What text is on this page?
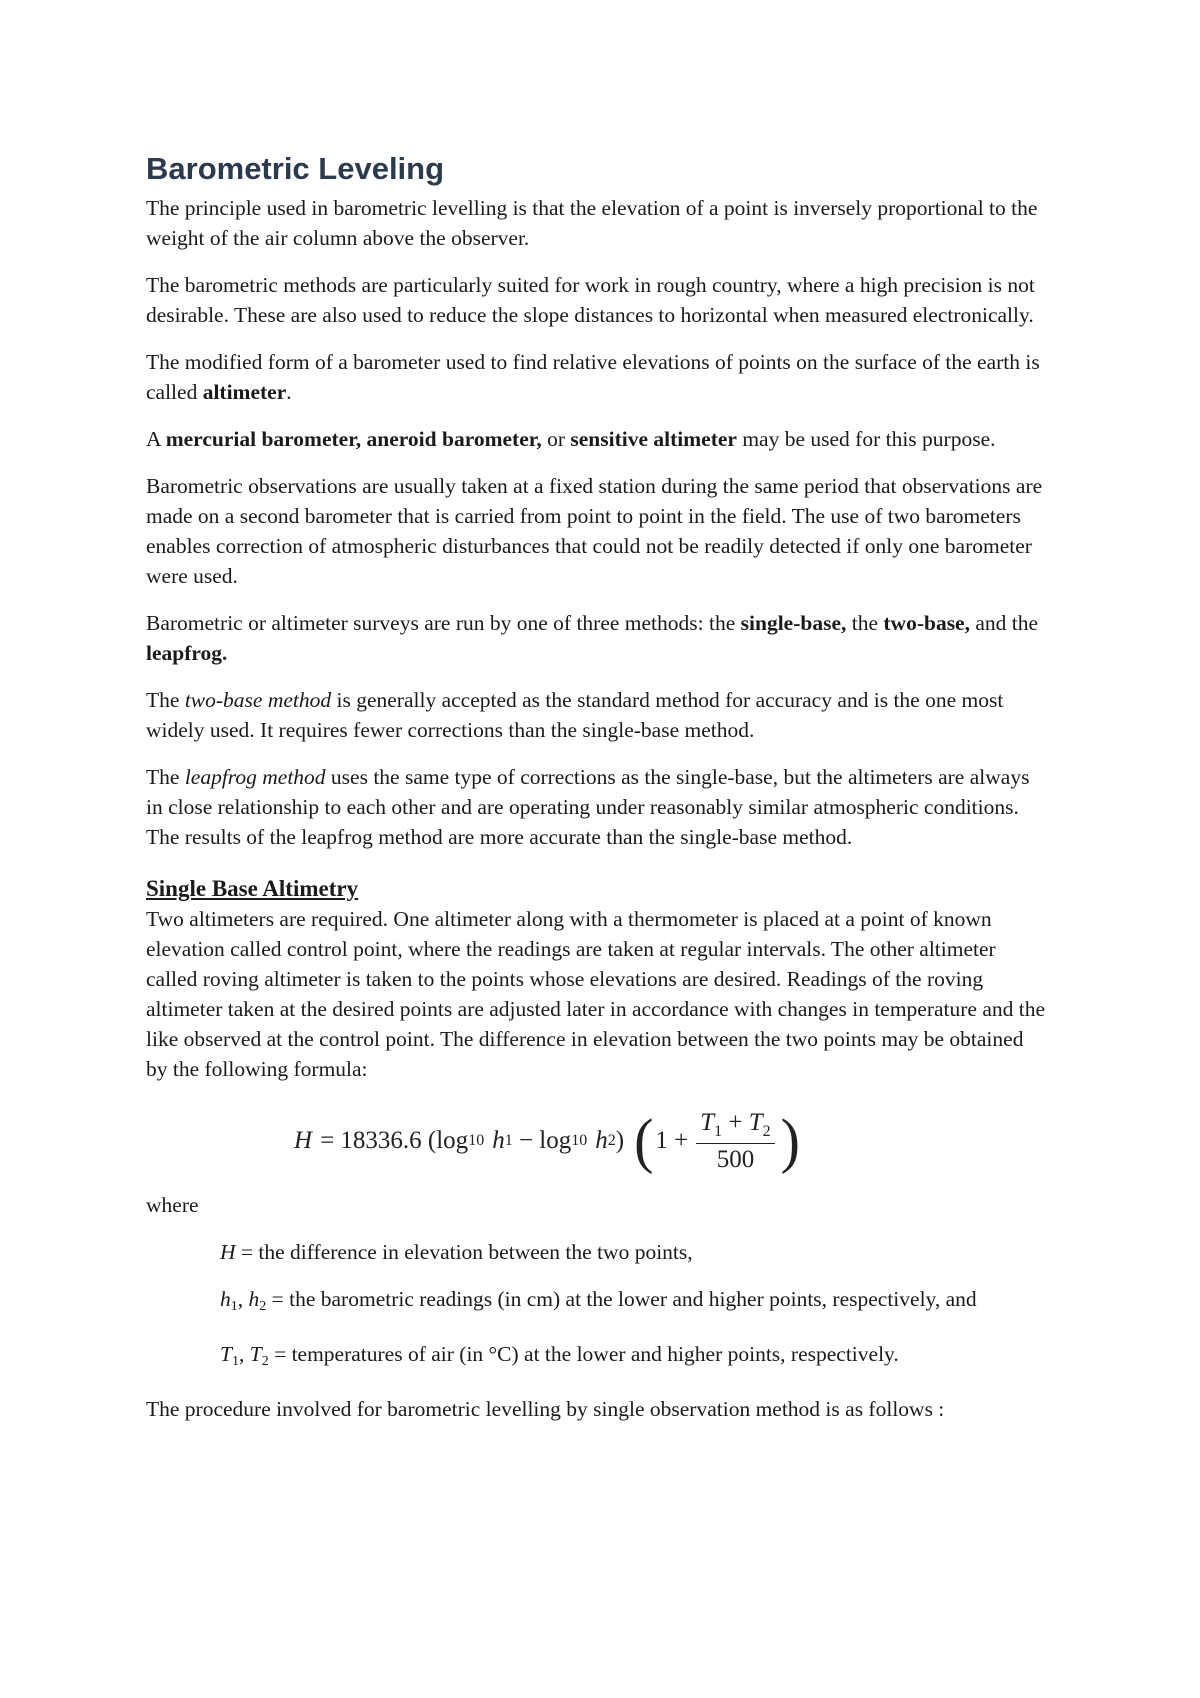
Barometric Leveling

The principle used in barometric levelling is that the elevation of a point is inversely proportional to the weight of the air column above the observer.

The barometric methods are particularly suited for work in rough country, where a high precision is not desirable. These are also used to reduce the slope distances to horizontal when measured electronically.

The modified form of a barometer used to find relative elevations of points on the surface of the earth is called altimeter.

A mercurial barometer, aneroid barometer, or sensitive altimeter may be used for this purpose.

Barometric observations are usually taken at a fixed station during the same period that observations are made on a second barometer that is carried from point to point in the field. The use of two barometers enables correction of atmospheric disturbances that could not be readily detected if only one barometer were used.

Barometric or altimeter surveys are run by one of three methods: the single-base, the two-base, and the leapfrog.

The two-base method is generally accepted as the standard method for accuracy and is the one most widely used. It requires fewer corrections than the single-base method.

The leapfrog method uses the same type of corrections as the single-base, but the altimeters are always in close relationship to each other and are operating under reasonably similar atmospheric conditions. The results of the leapfrog method are more accurate than the single-base method.

Single Base Altimetry

Two altimeters are required. One altimeter along with a thermometer is placed at a point of known elevation called control point, where the readings are taken at regular intervals. The other altimeter called roving altimeter is taken to the points whose elevations are desired. Readings of the roving altimeter taken at the desired points are adjusted later in accordance with changes in temperature and the like observed at the control point. The difference in elevation between the two points may be obtained by the following formula:

H = 18336.6 (log 10 h 1 − log 10 h 2 ) ( $1 + \frac{T_1 + T_2}{500}$ )

where

H = the difference in elevation between the two points,

h1, h2 = the barometric readings (in cm) at the lower and higher points, respectively, and

T1, T2 = temperatures of air (in °C) at the lower and higher points, respectively.

The procedure involved for barometric levelling by single observation method is as follows :
